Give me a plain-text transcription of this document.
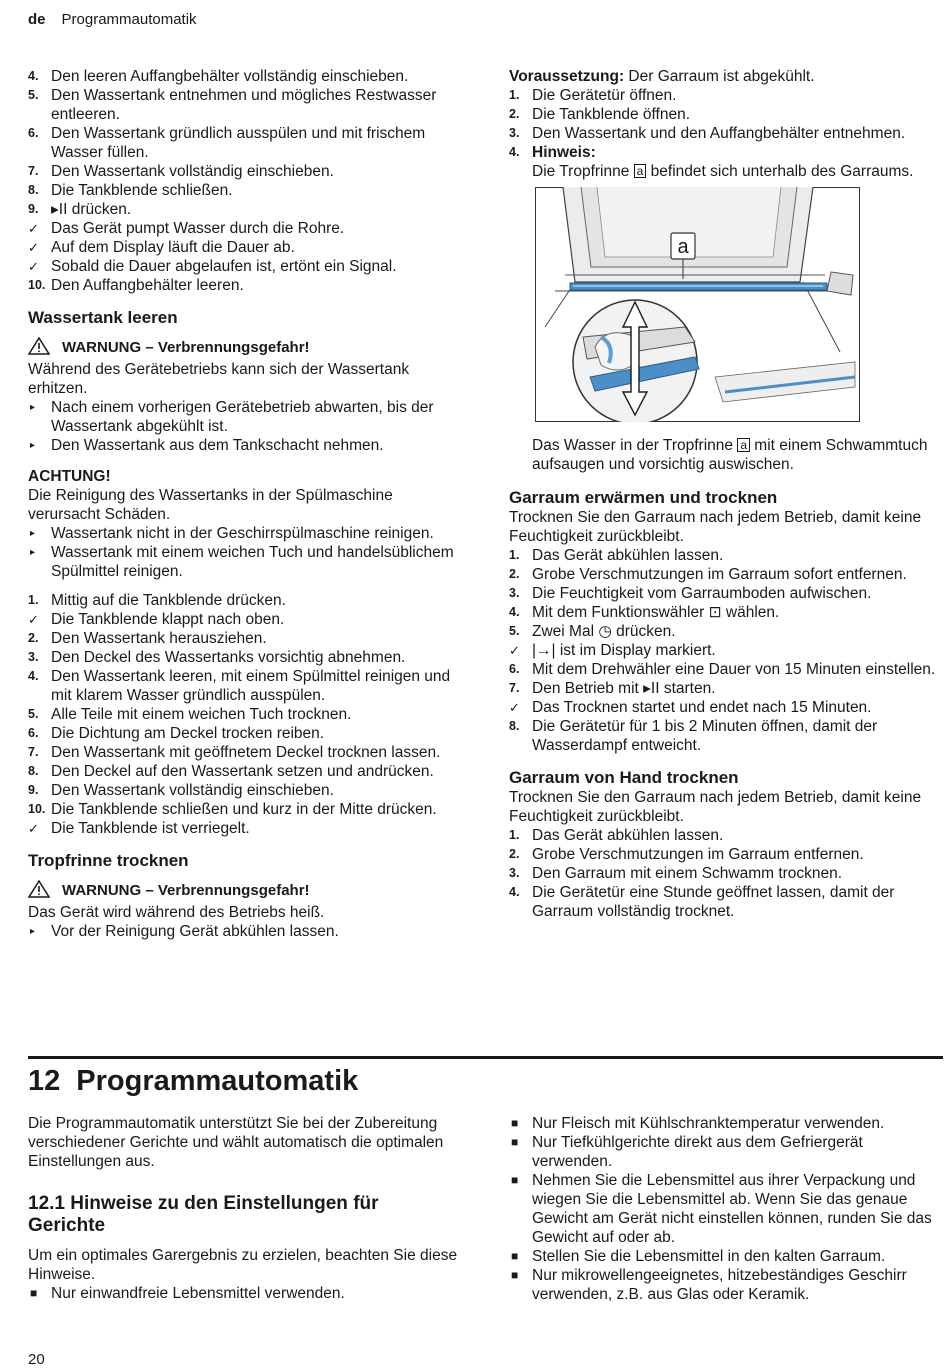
de Programmautomatik
4. Den leeren Auffangbehälter vollständig einschieben.
5. Den Wassertank entnehmen und mögliches Restwasser entleeren.
6. Den Wassertank gründlich ausspülen und mit frischem Wasser füllen.
7. Den Wassertank vollständig einschieben.
8. Die Tankblende schließen.
9. ▸II drücken.
✓ Das Gerät pumpt Wasser durch die Rohre.
✓ Auf dem Display läuft die Dauer ab.
✓ Sobald die Dauer abgelaufen ist, ertönt ein Signal.
10. Den Auffangbehälter leeren.
Wassertank leeren
WARNUNG – Verbrennungsgefahr!
Während des Gerätebetriebs kann sich der Wassertank erhitzen.
▸ Nach einem vorherigen Gerätebetrieb abwarten, bis der Wassertank abgekühlt ist.
▸ Den Wassertank aus dem Tankschacht nehmen.
ACHTUNG!
Die Reinigung des Wassertanks in der Spülmaschine verursacht Schäden.
▸ Wassertank nicht in der Geschirrspülmaschine reinigen.
▸ Wassertank mit einem weichen Tuch und handelsüblichem Spülmittel reinigen.
1. Mittig auf die Tankblende drücken.
✓ Die Tankblende klappt nach oben.
2. Den Wassertank herausziehen.
3. Den Deckel des Wassertanks vorsichtig abnehmen.
4. Den Wassertank leeren, mit einem Spülmittel reinigen und mit klarem Wasser gründlich ausspülen.
5. Alle Teile mit einem weichen Tuch trocknen.
6. Die Dichtung am Deckel trocken reiben.
7. Den Wassertank mit geöffnetem Deckel trocknen lassen.
8. Den Deckel auf den Wassertank setzen und andrücken.
9. Den Wassertank vollständig einschieben.
10. Die Tankblende schließen und kurz in der Mitte drücken.
✓ Die Tankblende ist verriegelt.
Tropfrinne trocknen
WARNUNG – Verbrennungsgefahr!
Das Gerät wird während des Betriebs heiß.
▸ Vor der Reinigung Gerät abkühlen lassen.
Voraussetzung: Der Garraum ist abgekühlt.
1. Die Gerätetür öffnen.
2. Die Tankblende öffnen.
3. Den Wassertank und den Auffangbehälter entnehmen.
4. Hinweis:
Die Tropfrinne a befindet sich unterhalb des Garraums.
a
Das Wasser in der Tropfrinne a mit einem Schwammtuch aufsaugen und vorsichtig auswischen.
Garraum erwärmen und trocknen
Trocknen Sie den Garraum nach jedem Betrieb, damit keine Feuchtigkeit zurückbleibt.
1. Das Gerät abkühlen lassen.
2. Grobe Verschmutzungen im Garraum sofort entfernen.
3. Die Feuchtigkeit vom Garraumboden aufwischen.
4. Mit dem Funktionswähler ⊡ wählen.
5. Zwei Mal ◷ drücken.
✓ |→| ist im Display markiert.
6. Mit dem Drehwähler eine Dauer von 15 Minuten einstellen.
7. Den Betrieb mit ▸II starten.
✓ Das Trocknen startet und endet nach 15 Minuten.
8. Die Gerätetür für 1 bis 2 Minuten öffnen, damit der Wasserdampf entweicht.
Garraum von Hand trocknen
Trocknen Sie den Garraum nach jedem Betrieb, damit keine Feuchtigkeit zurückbleibt.
1. Das Gerät abkühlen lassen.
2. Grobe Verschmutzungen im Garraum entfernen.
3. Den Garraum mit einem Schwamm trocknen.
4. Die Gerätetür eine Stunde geöffnet lassen, damit der Garraum vollständig trocknet.
12 Programmautomatik
Die Programmautomatik unterstützt Sie bei der Zubereitung verschiedener Gerichte und wählt automatisch die optimalen Einstellungen aus.
12.1 Hinweise zu den Einstellungen für Gerichte
Um ein optimales Garergebnis zu erzielen, beachten Sie diese Hinweise.
■ Nur einwandfreie Lebensmittel verwenden.
■ Nur Fleisch mit Kühlschranktemperatur verwenden.
■ Nur Tiefkühlgerichte direkt aus dem Gefriergerät verwenden.
■ Nehmen Sie die Lebensmittel aus ihrer Verpackung und wiegen Sie die Lebensmittel ab. Wenn Sie das genaue Gewicht am Gerät nicht einstellen können, runden Sie das Gewicht auf oder ab.
■ Stellen Sie die Lebensmittel in den kalten Garraum.
■ Nur mikrowellengeeignetes, hitzebeständiges Geschirr verwenden, z.B. aus Glas oder Keramik.
20
